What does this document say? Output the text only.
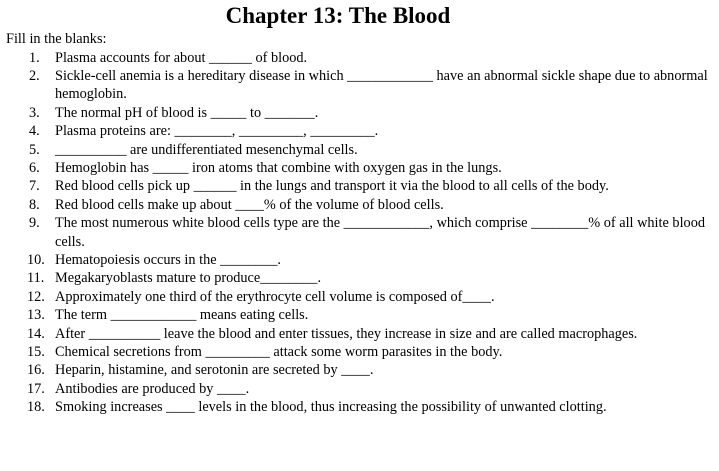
Chapter 13: The Blood

Fill in the blanks:

1. Plasma accounts for about ______ of blood.
2. Sickle-cell anemia is a hereditary disease in which ____________ have an abnormal sickle shape due to abnormal hemoglobin.
3. The normal pH of blood is _____ to _______.
4. Plasma proteins are: ________, _________, _________.
5. __________ are undifferentiated mesenchymal cells.
6. Hemoglobin has _____ iron atoms that combine with oxygen gas in the lungs.
7. Red blood cells pick up ______ in the lungs and transport it via the blood to all cells of the body.
8. Red blood cells make up about ____% of the volume of blood cells.
9. The most numerous white blood cells type are the ____________, which comprise ________% of all white blood cells.
10. Hematopoiesis occurs in the ________.
11. Megakaryoblasts mature to produce________.
12. Approximately one third of the erythrocyte cell volume is composed of____.
13. The term ____________ means eating cells.
14. After __________ leave the blood and enter tissues, they increase in size and are called macrophages.
15. Chemical secretions from _________ attack some worm parasites in the body.
16. Heparin, histamine, and serotonin are secreted by ____.
17. Antibodies are produced by ____.
18. Smoking increases ____ levels in the blood, thus increasing the possibility of unwanted clotting.
